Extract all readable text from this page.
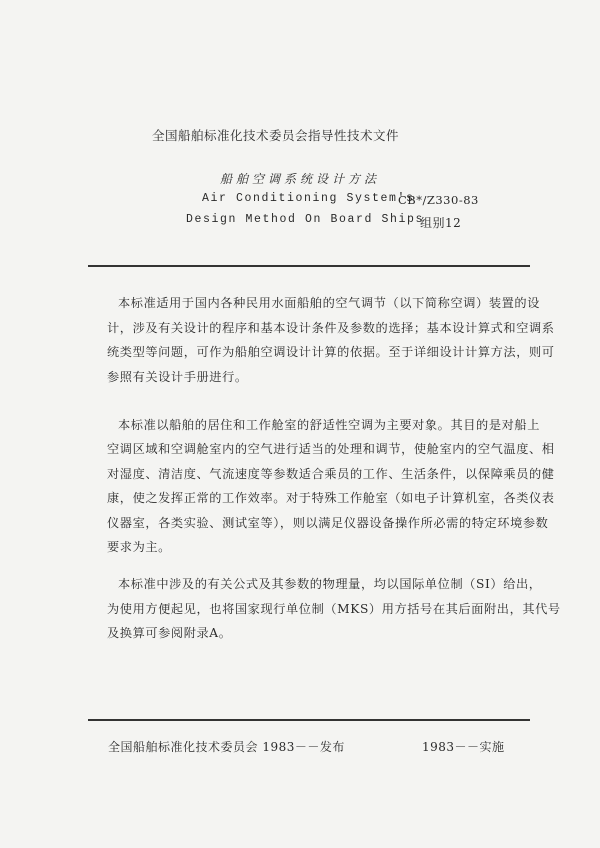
全国船舶标准化技术委员会指导性技术文件
船舶空调系统设计方法
Air Conditioning System's
Design Method On Board Ships
CB*/Z330-83
组别12
本标准适用于国内各种民用水面船舶的空气调节（以下简称空调）装置的设
计，涉及有关设计的程序和基本设计条件及参数的选择；基本设计算式和空调系
统类型等问题，可作为船舶空调设计计算的依据。至于详细设计计算方法，则可
参照有关设计手册进行。
本标准以船舶的居住和工作舱室的舒适性空调为主要对象。其目的是对船上
空调区域和空调舱室内的空气进行适当的处理和调节，使舱室内的空气温度、相
对湿度、清洁度、气流速度等参数适合乘员的工作、生活条件，以保障乘员的健
康，使之发挥正常的工作效率。对于特殊工作舱室（如电子计算机室，各类仪表
仪器室，各类实验、测试室等），则以满足仪器设备操作所必需的特定环境参数
要求为主。
本标准中涉及的有关公式及其参数的物理量，均以国际单位制（SI）给出，
为使用方便起见，也将国家现行单位制（MKS）用方括号在其后面附出，其代号
及换算可参阅附录A。
全国船舶标准化技术委员会 1983－－发布	1983－－实施
